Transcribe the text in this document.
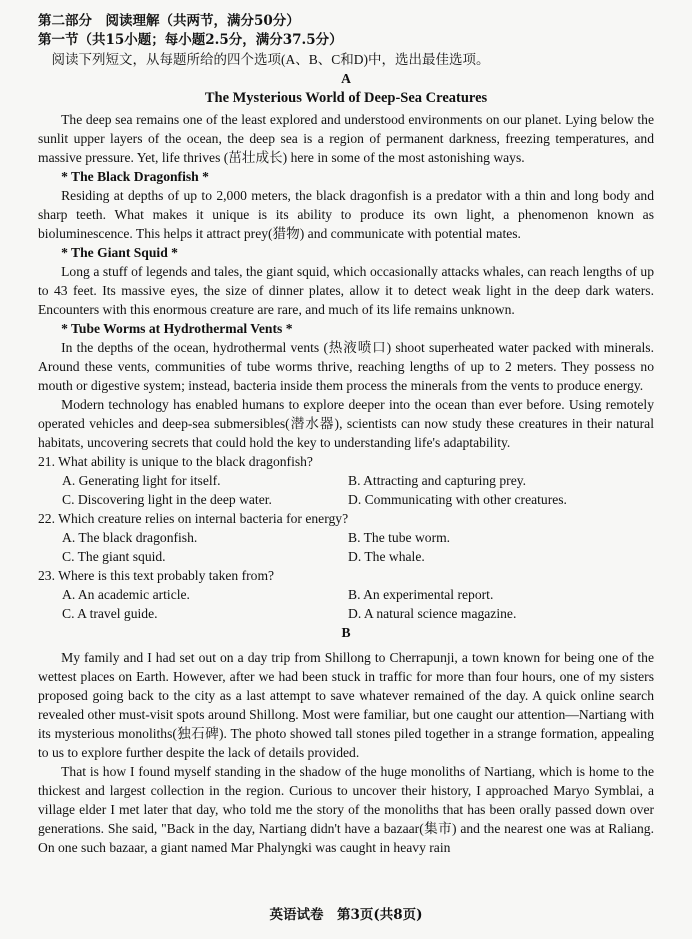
第二部分　阅读理解（共两节，满分50分）
第一节（共15小题；每小题2.5分，满分37.5分）
阅读下列短文，从每题所给的四个选项(A、B、C和D)中，选出最佳选项。
A
The Mysterious World of Deep-Sea Creatures

The deep sea remains one of the least explored and understood environments on our planet. Lying below the sunlit upper layers of the ocean, the deep sea is a region of permanent darkness, freezing temperatures, and massive pressure. Yet, life thrives (茁壮成长) here in some of the most astonishing ways.

* The Black Dragonfish *

Residing at depths of up to 2,000 meters, the black dragonfish is a predator with a thin and long body and sharp teeth. What makes it unique is its ability to produce its own light, a phenomenon known as bioluminescence. This helps it attract prey(猎物) and communicate with potential mates.

* The Giant Squid *

Long a stuff of legends and tales, the giant squid, which occasionally attacks whales, can reach lengths of up to 43 feet. Its massive eyes, the size of dinner plates, allow it to detect weak light in the deep dark waters. Encounters with this enormous creature are rare, and much of its life remains unknown.

* Tube Worms at Hydrothermal Vents *

In the depths of the ocean, hydrothermal vents (热液喷口) shoot superheated water packed with minerals. Around these vents, communities of tube worms thrive, reaching lengths of up to 2 meters. They possess no mouth or digestive system; instead, bacteria inside them process the minerals from the vents to produce energy.

Modern technology has enabled humans to explore deeper into the ocean than ever before. Using remotely operated vehicles and deep-sea submersibles(潜水器), scientists can now study these creatures in their natural habitats, uncovering secrets that could hold the key to understanding life's adaptability.

21. What ability is unique to the black dragonfish?
A. Generating light for itself.	B. Attracting and capturing prey.
C. Discovering light in the deep water.	D. Communicating with other creatures.
22. Which creature relies on internal bacteria for energy?
A. The black dragonfish.	B. The tube worm.
C. The giant squid.	D. The whale.
23. Where is this text probably taken from?
A. An academic article.	B. An experimental report.
C. A travel guide.	D. A natural science magazine.
B

My family and I had set out on a day trip from Shillong to Cherrapunji, a town known for being one of the wettest places on Earth. However, after we had been stuck in traffic for more than four hours, one of my sisters proposed going back to the city as a last attempt to save whatever remained of the day. A quick online search revealed other must-visit spots around Shillong. Most were familiar, but one caught our attention—Nartiang with its mysterious monoliths(独石碑). The photo showed tall stones piled together in a strange formation, appealing to us to explore further despite the lack of details provided.

That is how I found myself standing in the shadow of the huge monoliths of Nartiang, which is home to the thickest and largest collection in the region. Curious to uncover their history, I approached Maryo Symblai, a village elder I met later that day, who told me the story of the monoliths that has been orally passed down over generations. She said, "Back in the day, Nartiang didn't have a bazaar(集市) and the nearest one was at Raliang. On one such bazaar, a giant named Mar Phalyngki was caught in heavy rain

英语试卷　第3页(共8页)
